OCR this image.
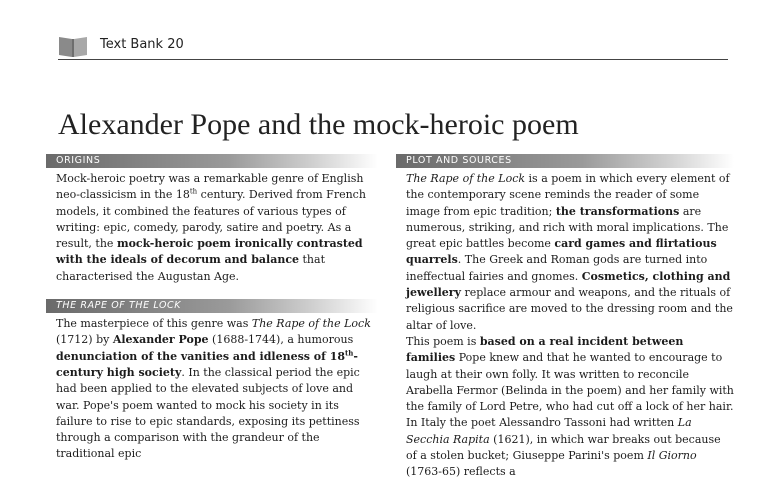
Text Bank 20
Alexander Pope and the mock-heroic poem
ORIGINS

Mock-heroic poetry was a remarkable genre of English neo-classicism in the 18th century. Derived from French models, it combined the features of various types of writing: epic, comedy, parody, satire and poetry. As a result, the mock-heroic poem ironically contrasted with the ideals of decorum and balance that characterised the Augustan Age.

THE RAPE OF THE LOCK

The masterpiece of this genre was The Rape of the Lock (1712) by Alexander Pope (1688-1744), a humorous denunciation of the vanities and idleness of 18th-century high society. In the classical period the epic had been applied to the elevated subjects of love and war. Pope's poem wanted to mock his society in its failure to rise to epic standards, exposing its pettiness through a comparison with the grandeur of the traditional epic

PLOT AND SOURCES

The Rape of the Lock is a poem in which every element of the contemporary scene reminds the reader of some image from epic tradition; the transformations are numerous, striking, and rich with moral implications. The great epic battles become card games and flirtatious quarrels. The Greek and Roman gods are turned into ineffectual fairies and gnomes. Cosmetics, clothing and jewellery replace armour and weapons, and the rituals of religious sacrifice are moved to the dressing room and the altar of love.

This poem is based on a real incident between families Pope knew and that he wanted to encourage to laugh at their own folly. It was written to reconcile Arabella Fermor (Belinda in the poem) and her family with the family of Lord Petre, who had cut off a lock of her hair. In Italy the poet Alessandro Tassoni had written La Secchia Rapita (1621), in which war breaks out because of a stolen bucket; Giuseppe Parini's poem Il Giorno (1763-65) reflects a
